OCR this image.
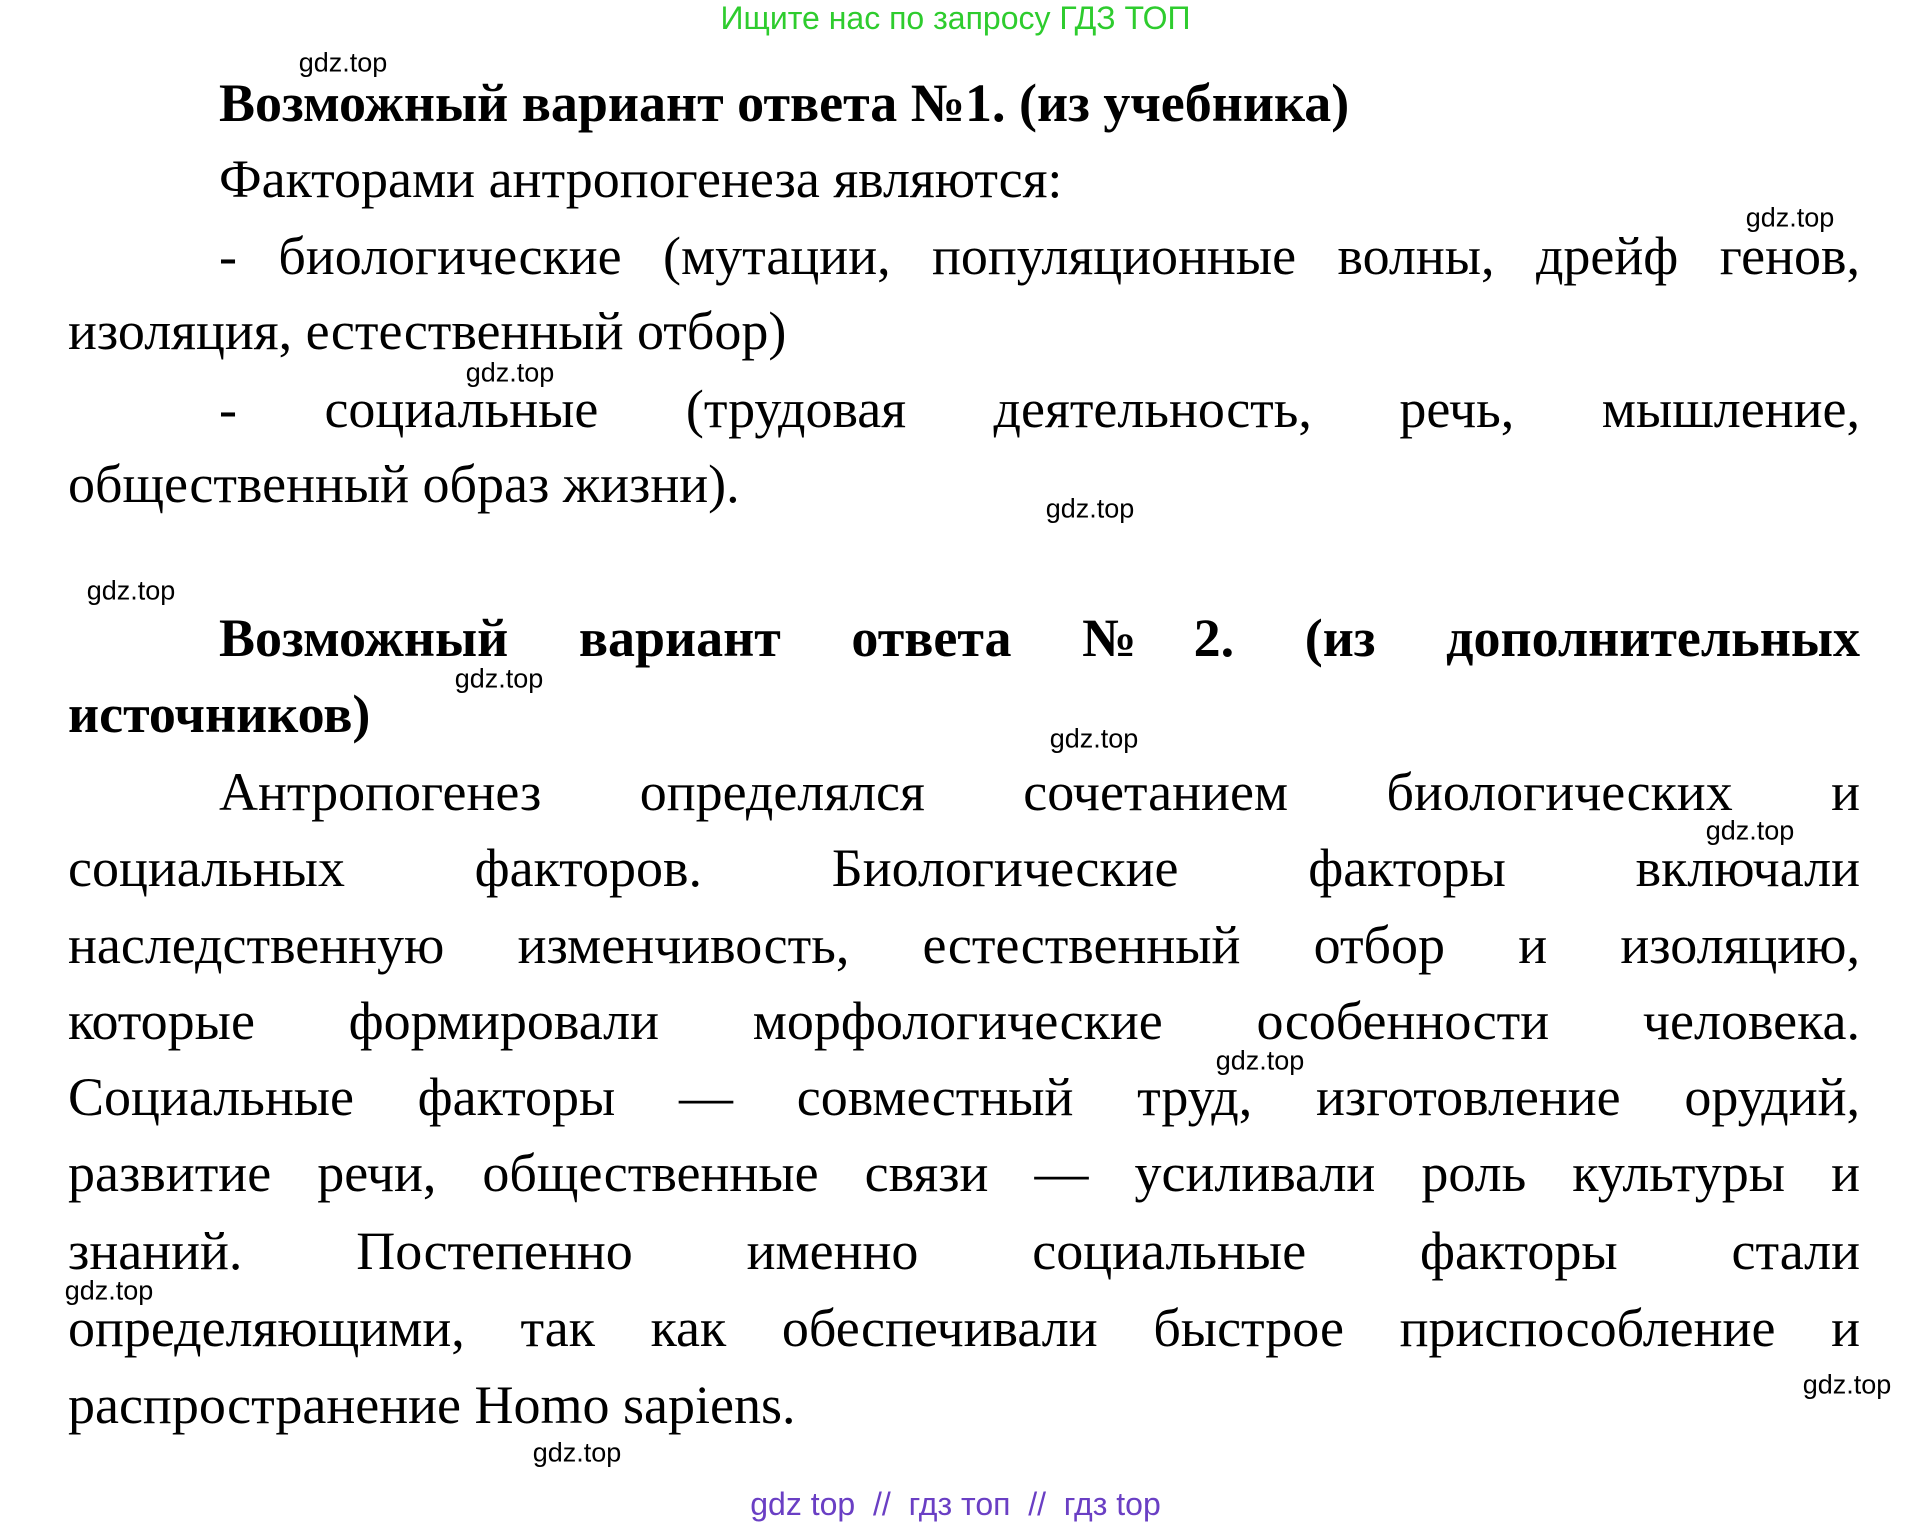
Ищите нас по запросу ГДЗ ТОП
Возможный вариант ответа №1. (из учебника)
Факторами антропогенеза являются:
- биологические (мутации, популяционные волны, дрейф генов,
изоляция, естественный отбор)
- социальные (трудовая деятельность, речь, мышление,
общественный образ жизни).
Возможный вариант ответа №2. (из дополнительных
источников)
Антропогенез определялся сочетанием биологических и
социальных факторов. Биологические факторы включали
наследственную изменчивость, естественный отбор и изоляцию,
которые формировали морфологические особенности человека.
Социальные факторы — совместный труд, изготовление орудий,
развитие речи, общественные связи — усиливали роль культуры и
знаний. Постепенно именно социальные факторы стали
определяющими, так как обеспечивали быстрое приспособление и
распространение Homo sapiens.
gdz.top
gdz.top
gdz.top
gdz.top
gdz.top
gdz.top
gdz.top
gdz.top
gdz.top
gdz.top
gdz.top
gdz.top
gdz top  //  гдз топ  //  гдз top
